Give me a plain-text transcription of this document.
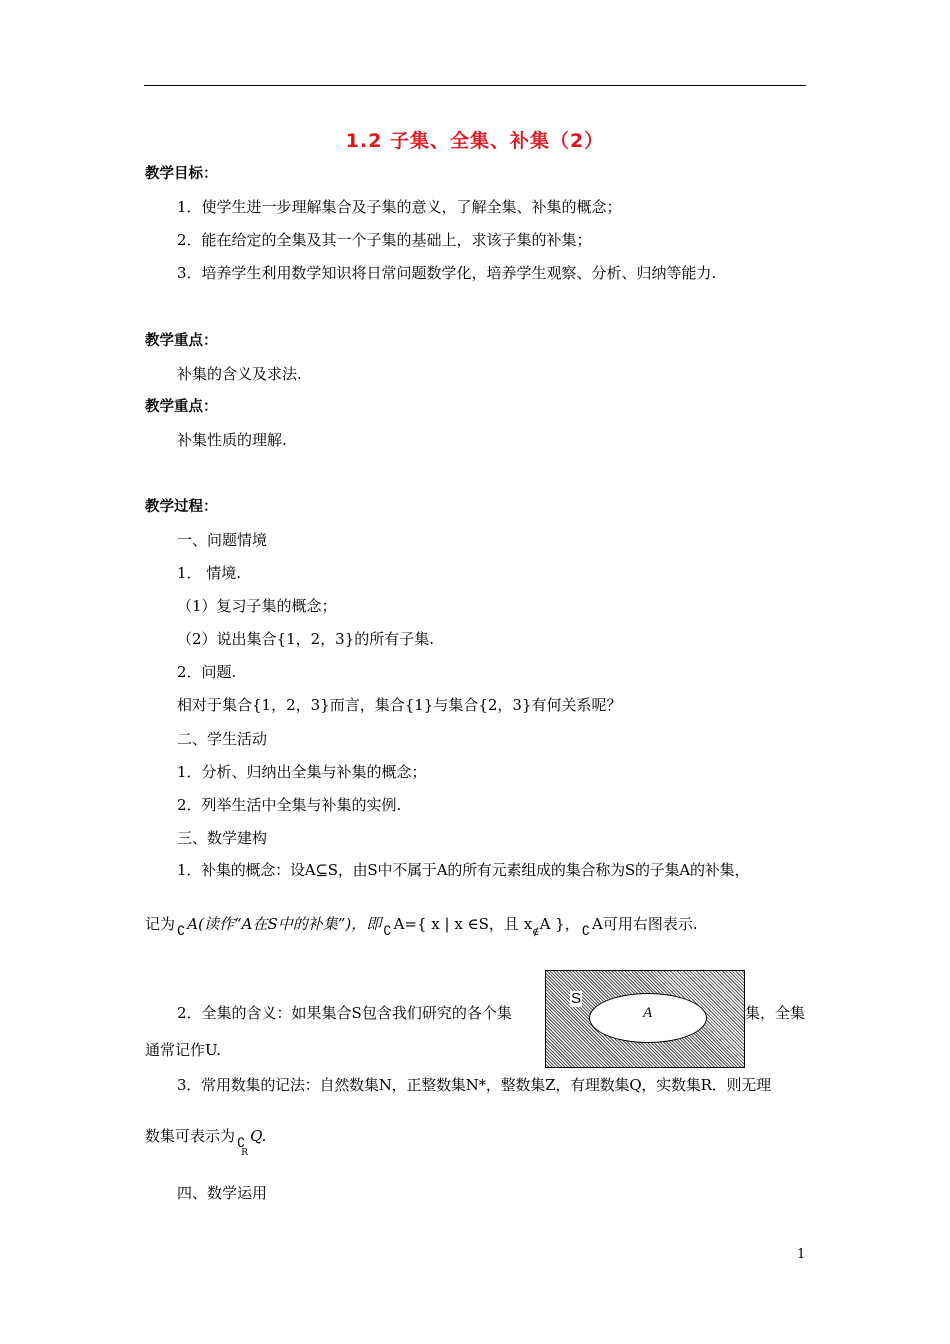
1.2 子集、全集、补集（2）
教学目标：
1．使学生进一步理解集合及子集的意义，了解全集、补集的概念；
2．能在给定的全集及其一个子集的基础上，求该子集的补集；
3．培养学生利用数学知识将日常问题数学化，培养学生观察、分析、归纳等能力.
教学重点：
补集的含义及求法.
教学重点：
补集性质的理解.
教学过程：
一、问题情境
1． 情境.
（1）复习子集的概念；
（2）说出集合{1，2，3}的所有子集.
2．问题.
相对于集合{1，2，3}而言，集合{1}与集合{2，3}有何关系呢？
二、学生活动
1．分析、归纳出全集与补集的概念；
2．列举生活中全集与补集的实例.
三、数学建构
1．补集的概念：设A⊆S，由S中不属于A的所有元素组成的集合称为S的子集A的补集，
记为 ∁ A(读作“A在S中的补集”)，即 ∁ A={ x | x ∈S，且 $x_\notin A$ }， ∁ A可用右图表示.
S
A
2．全集的含义：如果集合S包含我们研究的各个集	集，全集
通常记作U.
3．常用数集的记法：自然数集N，正整数集N*，整数集Z，有理数集Q，实数集R．则无理
数集可表示为 $∁_RQ$.
四、数学运用
1
